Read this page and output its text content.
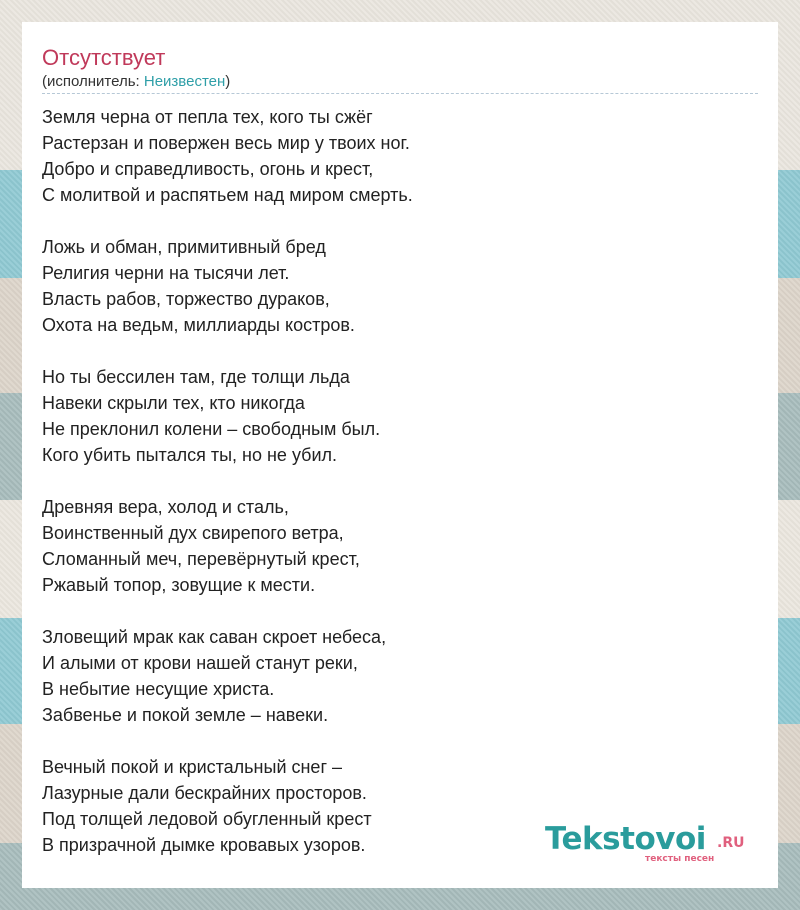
Отсутствует
(исполнитель: Неизвестен)
Земля черна от пепла тех, кого ты сжёг
Растерзан и повержен весь мир у твоих ног.
Добро и справедливость, огонь и крест,
С молитвой и распятьем над миром смерть.
Ложь и обман, примитивный бред
Религия черни на тысячи лет.
Власть рабов, торжество дураков,
Охота на ведьм, миллиарды костров.
Но ты бессилен там, где толщи льда
Навеки скрыли тех, кто никогда
Не преклонил колени – свободным был.
Кого убить пытался ты, но не убил.
Древняя вера, холод и сталь,
Воинственный дух свирепого ветра,
Сломанный меч, перевёрнутый крест,
Ржавый топор, зовущие к мести.
Зловещий мрак как саван скроет небеса,
И алыми от крови нашей станут реки,
В небытие несущие христа.
Забвенье и покой земле – навеки.
Вечный покой и кристальный снег –
Лазурные дали бескрайних просторов.
Под толщей ледовой обугленный крест
В призрачной дымке кровавых узоров.	Tekstovoi .RU
тексты песен
